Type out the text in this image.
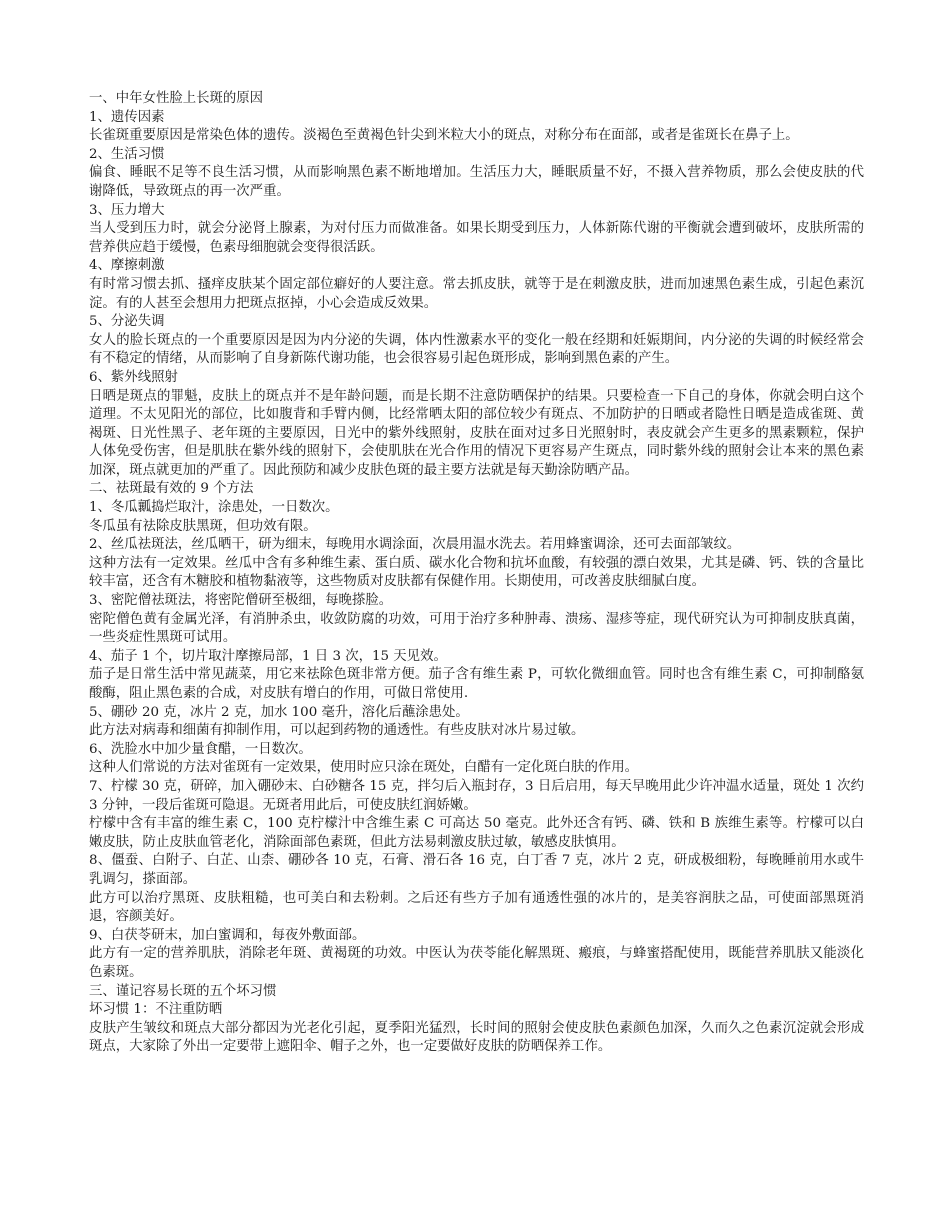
一、中年女性脸上长斑的原因

1、遗传因素

长雀斑重要原因是常染色体的遗传。淡褐色至黄褐色针尖到米粒大小的斑点，对称分布在面部，或者是雀斑长在鼻子上。

2、生活习惯

偏食、睡眠不足等不良生活习惯，从而影响黑色素不断地增加。生活压力大，睡眠质量不好，不摄入营养物质，那么会使皮肤的代谢降低，导致斑点的再一次严重。

3、压力增大

当人受到压力时，就会分泌肾上腺素，为对付压力而做准备。如果长期受到压力，人体新陈代谢的平衡就会遭到破坏，皮肤所需的营养供应趋于缓慢，色素母细胞就会变得很活跃。

4、摩擦刺激

有时常习惯去抓、搔痒皮肤某个固定部位癖好的人要注意。常去抓皮肤，就等于是在刺激皮肤，进而加速黑色素生成，引起色素沉淀。有的人甚至会想用力把斑点抠掉，小心会造成反效果。

5、分泌失调

女人的脸长斑点的一个重要原因是因为内分泌的失调，体内性激素水平的变化一般在经期和妊娠期间，内分泌的失调的时候经常会有不稳定的情绪，从而影响了自身新陈代谢功能，也会很容易引起色斑形成，影响到黑色素的产生。

6、紫外线照射

日晒是斑点的罪魁，皮肤上的斑点并不是年龄问题，而是长期不注意防晒保护的结果。只要检查一下自己的身体，你就会明白这个道理。不太见阳光的部位，比如腹背和手臂内侧，比经常晒太阳的部位较少有斑点、不加防护的日晒或者隐性日晒是造成雀斑、黄褐斑、日光性黑子、老年斑的主要原因，日光中的紫外线照射，皮肤在面对过多日光照射时，表皮就会产生更多的黑素颗粒，保护人体免受伤害，但是肌肤在紫外线的照射下，会使肌肤在光合作用的情况下更容易产生斑点，同时紫外线的照射会让本来的黑色素加深，斑点就更加的严重了。因此预防和减少皮肤色斑的最主要方法就是每天勤涂防晒产品。

二、祛斑最有效的 9 个方法

1、冬瓜瓤捣烂取汁，涂患处，一日数次。

冬瓜虽有祛除皮肤黑斑，但功效有限。

2、丝瓜祛斑法，丝瓜晒干，研为细末，每晚用水调涂面，次晨用温水洗去。若用蜂蜜调涂，还可去面部皱纹。

这种方法有一定效果。丝瓜中含有多种维生素、蛋白质、碳水化合物和抗坏血酸，有较强的漂白效果，尤其是磷、钙、铁的含量比较丰富，还含有木糖胶和植物黏液等，这些物质对皮肤都有保健作用。长期使用，可改善皮肤细腻白度。

3、密陀僧祛斑法，将密陀僧研至极细，每晚搽脸。

密陀僧色黄有金属光泽，有消肿杀虫，收敛防腐的功效，可用于治疗多种肿毒、溃疡、湿疹等症，现代研究认为可抑制皮肤真菌，一些炎症性黑斑可试用。

4、茄子 1 个，切片取汁摩擦局部，1 日 3 次，15 天见效。

茄子是日常生活中常见蔬菜，用它来祛除色斑非常方便。茄子含有维生素 P，可软化微细血管。同时也含有维生素 C，可抑制酪氨酸酶，阻止黑色素的合成，对皮肤有增白的作用，可做日常使用.

5、硼砂 20 克，冰片 2 克，加水 100 毫升，溶化后蘸涂患处。

此方法对病毒和细菌有抑制作用，可以起到药物的通透性。有些皮肤对冰片易过敏。

6、洗脸水中加少量食醋，一日数次。

这种人们常说的方法对雀斑有一定效果，使用时应只涂在斑处，白醋有一定化斑白肤的作用。

7、柠檬 30 克，研碎，加入硼砂末、白砂糖各 15 克，拌匀后入瓶封存，3 日后启用，每天早晚用此少许冲温水适量，斑处 1 次约 3 分钟，一段后雀斑可隐退。无斑者用此后，可使皮肤红润娇嫩。

柠檬中含有丰富的维生素 C，100 克柠檬汁中含维生素 C 可高达 50 毫克。此外还含有钙、磷、铁和 B 族维生素等。柠檬可以白嫩皮肤，防止皮肤血管老化，消除面部色素斑，但此方法易刺激皮肤过敏，敏感皮肤慎用。

8、僵蚕、白附子、白芷、山柰、硼砂各 10 克，石膏、滑石各 16 克，白丁香 7 克，冰片 2 克，研成极细粉，每晚睡前用水或牛乳调匀，搽面部。

此方可以治疗黑斑、皮肤粗糙，也可美白和去粉刺。之后还有些方子加有通透性强的冰片的，是美容润肤之品，可使面部黑斑消退，容颜美好。

9、白茯苓研末，加白蜜调和，每夜外敷面部。

此方有一定的营养肌肤，消除老年斑、黄褐斑的功效。中医认为茯苓能化解黑斑、瘢痕，与蜂蜜搭配使用，既能营养肌肤又能淡化色素斑。

三、谨记容易长斑的五个坏习惯

坏习惯 1：不注重防晒

皮肤产生皱纹和斑点大部分都因为光老化引起，夏季阳光猛烈，长时间的照射会使皮肤色素颜色加深，久而久之色素沉淀就会形成斑点，大家除了外出一定要带上遮阳伞、帽子之外，也一定要做好皮肤的防晒保养工作。
